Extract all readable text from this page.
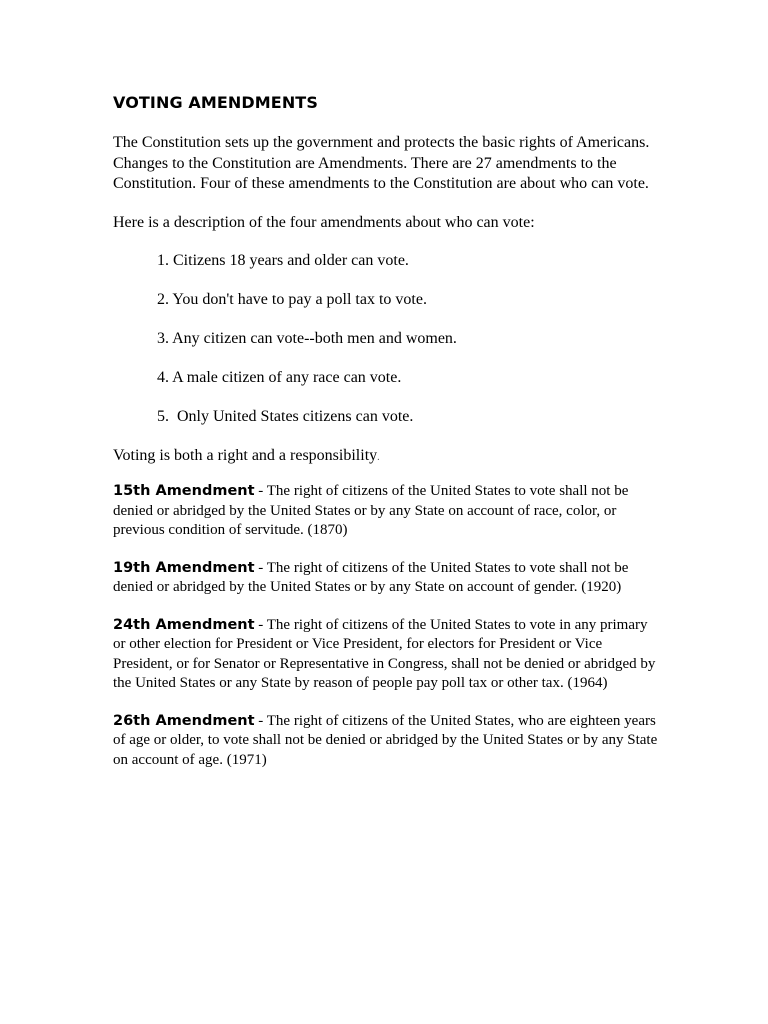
VOTING AMENDMENTS

The Constitution sets up the government and protects the basic rights of Americans. Changes to the Constitution are Amendments. There are 27 amendments to the Constitution. Four of these amendments to the Constitution are about who can vote.

Here is a description of the four amendments about who can vote:

1. Citizens 18 years and older can vote.
2. You don't have to pay a poll tax to vote.
3. Any citizen can vote--both men and women.
4. A male citizen of any race can vote.
5.  Only United States citizens can vote.

Voting is both a right and a responsibility.

15th Amendment - The right of citizens of the United States to vote shall not be denied or abridged by the United States or by any State on account of race, color, or previous condition of servitude. (1870)

19th Amendment - The right of citizens of the United States to vote shall not be denied or abridged by the United States or by any State on account of gender. (1920)

24th Amendment - The right of citizens of the United States to vote in any primary or other election for President or Vice President, for electors for President or Vice President, or for Senator or Representative in Congress, shall not be denied or abridged by the United States or any State by reason of people pay poll tax or other tax. (1964)

26th Amendment - The right of citizens of the United States, who are eighteen years of age or older, to vote shall not be denied or abridged by the United States or by any State on account of age. (1971)
